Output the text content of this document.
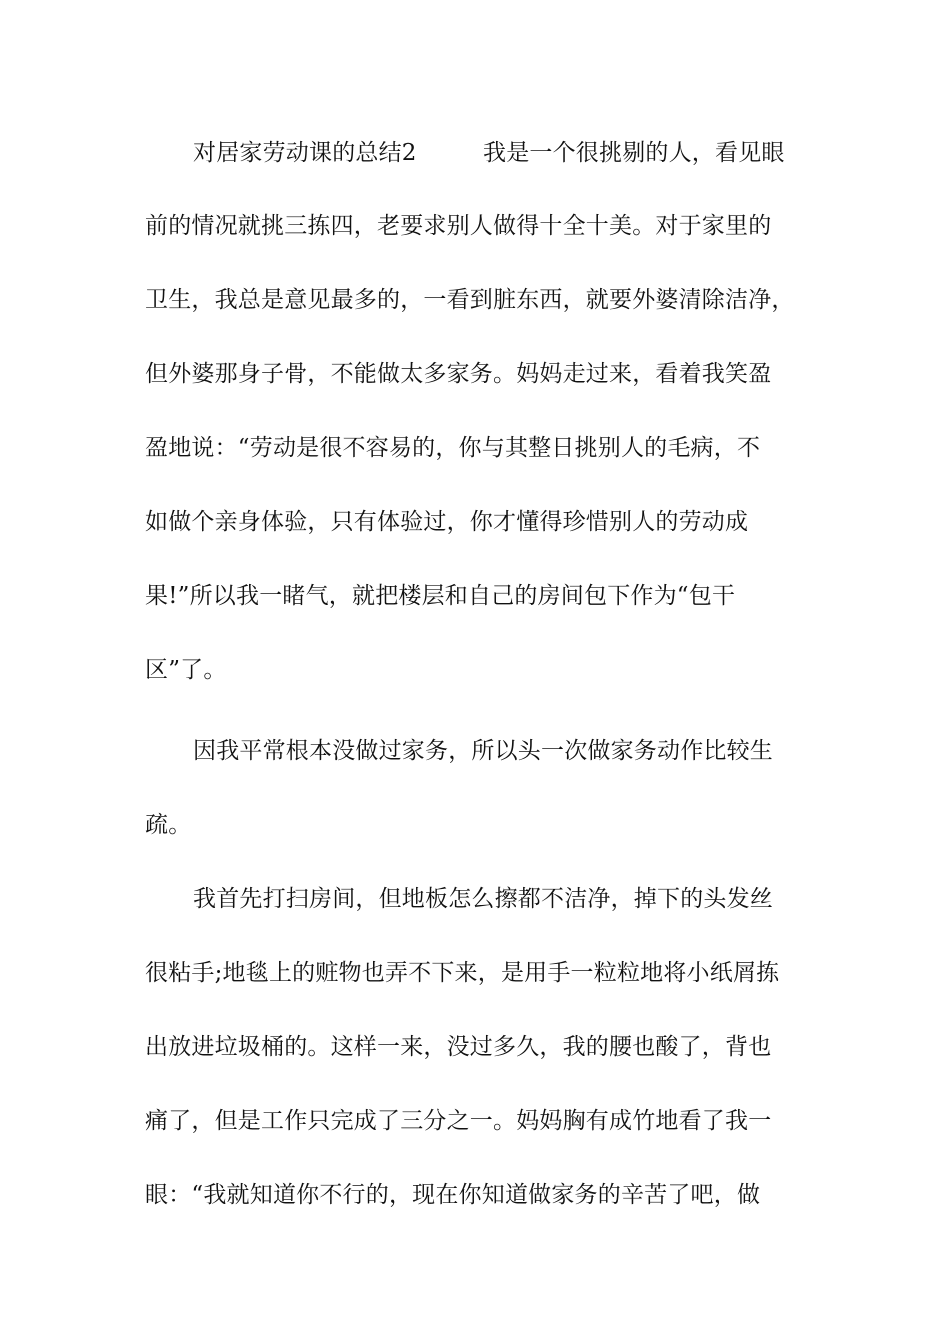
对居家劳动课的总结2	我是一个很挑剔的人，看见眼
前的情况就挑三拣四，老要求别人做得十全十美。对于家里的
卫生，我总是意见最多的，一看到脏东西，就要外婆清除洁净，
但外婆那身子骨，不能做太多家务。妈妈走过来，看着我笑盈
盈地说：“劳动是很不容易的，你与其整日挑别人的毛病，不
如做个亲身体验，只有体验过，你才懂得珍惜别人的劳动成
果!”所以我一睹气，就把楼层和自己的房间包下作为“包干
区”了。
因我平常根本没做过家务，所以头一次做家务动作比较生
疏。
我首先打扫房间，但地板怎么擦都不洁净，掉下的头发丝
很粘手;地毯上的赃物也弄不下来，是用手一粒粒地将小纸屑拣
出放进垃圾桶的。这样一来，没过多久，我的腰也酸了，背也
痛了，但是工作只完成了三分之一。妈妈胸有成竹地看了我一
眼：“我就知道你不行的，现在你知道做家务的辛苦了吧，做
